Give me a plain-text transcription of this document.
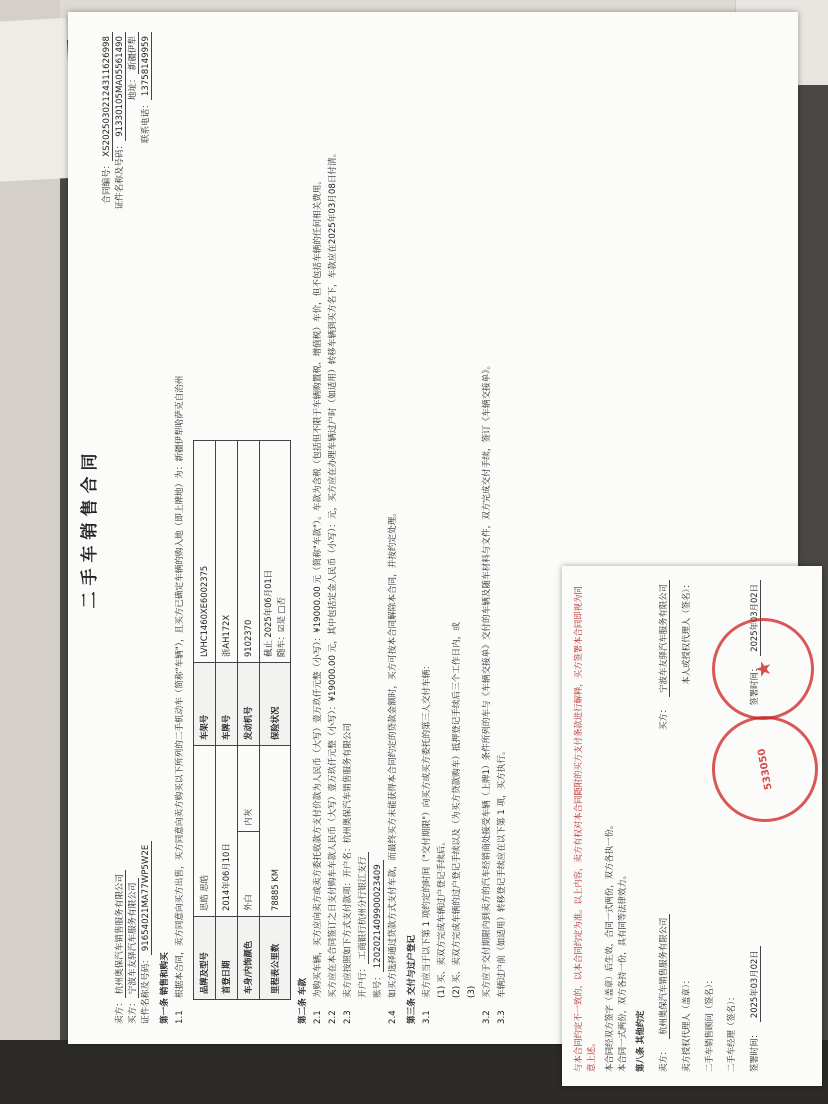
二手车销售合同
合同编号：XS20250302124311626998
卖方：杭州奥保汽车销售服务有限公司
证件名称及号码：91330105MA05561490
买方：宁波车友驿汽车服务有限公司
地址：新疆伊犁
证件名称及号码：91654021MA77WP5W2E
联系电话：13758149959
第一条 销售和购买 1.1
根据本合同，卖方同意向买方出售，买方同意向卖方购买以下所列的二手机动车（简称"车辆"），且买方已确定车辆的购入地（即上牌地）为：新疆伊犁哈萨克自治州 品牌及型号	思皓 思皓		车架号	LVHC1460XE6002375
首登日期	2014年06月10日		车牌号	浙AH172X
车身/内饰颜色	外白	内灰	发动机号	9102370
里程表公里数	78885 KM		保险状况	截止 2025年06月01日 随车：☑是 □否
第二条 车款 2.1
为购买车辆，买方应向卖方或卖方委托收款方支付价款为人民币（大写）壹万玖仟元整（小写）：¥19000.00 元（简称"车款"）。车款为含税（包括但不限于车辆购置税、增值税）车价，但不包括车辆的任何相关费用。
2.2
买方应在本合同签订之日支付购车车款人民币（大写）壹万玖仟元整（小写）：¥19000.00 元，其中包括定金人民币（小写）：元，买方应在办理车辆过户时（如适用）转移车辆到买方名下，车款应在2025年03月08日付清。
2.3
卖方应按照如下方式支付款项：开户名：杭州奥保汽车销售服务有限公司 开户行：工商银行杭州分行银江支行
账号：1202021409900023409
2.4
如买方选择通过贷款方式支付车款，而最终买方未能获得本合同约定的贷款金额时，买方可按本合同解除本合同，并按约定处理。 第三条 交付与过户登记 3.1
卖方应当于以下第 1 项约定的时间（"交付期限"）向买方或买方委托的第三人交付车辆： (1) 买、卖双方完成车辆过户登记手续后。 (2) 买、卖双方完成车辆的过户登记手续以及（为买方贷款购车）抵押登记手续后三个工作日内，或 (3)
3.2
买方应于交付期限内到卖方的汽车经销商处接受车辆（上牌1）条件所列的车与《车辆交接单》交付的车辆及随车材料与文件，双方完成交付手续，签订《车辆交接单》。
3.3
车辆过户前（如适用）转移登记手续应在以下第 1 项，买方执行。	与本合同约定不一致的，以本合同约定为准。以上内容，卖方有权对本合同随附的买方支付条款进行解释，买方签署本合同即视为同意上述。 本合同经双方签字（盖章）后生效，合同一式两份，双方各执一份。 本合同一式两份，双方各持一份，具有同等法律效力。 第八条 其他约定 卖方：
杭州奥保汽车销售服务有限公司
买方：
宁波车友驿汽车服务有限公司
卖方授权代理人（盖章）：
本人或授权代理人（签名）：
二手车销售顾问（签名）： 二手车经理（签名）： 签署时间：
2025年03月02日
签署时间：
2025年03月02日
533050
★
